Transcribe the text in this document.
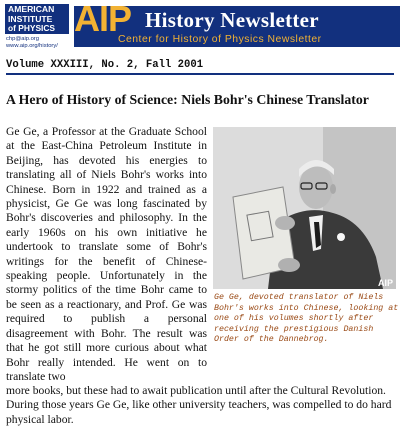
AMERICAN
INSTITUTE
of PHYSICS
chp@aip.org
www.aip.org/history/
AIP History Newsletter
Center for History of Physics Newsletter
Volume XXXIII, No. 2, Fall 2001
A Hero of History of Science: Niels Bohr's Chinese Translator
Ge Ge, a Professor at the Graduate School at the East-China Petroleum Institute in Beijing, has devoted his energies to translating all of Niels Bohr's works into Chinese. Born in 1922 and trained as a physicist, Ge Ge was long fascinated by Bohr's discoveries and philosophy. In the early 1960s on his own initiative he undertook to translate some of Bohr's writings for the benefit of Chinese-speaking people. Unfortunately in the stormy politics of the time Bohr came to be seen as a reactionary, and Prof. Ge was required to publish a personal disagreement with Bohr. The result was that he got still more curious about what Bohr really intended. He went on to translate two
AIP
Ge Ge, devoted translator of Niels Bohr's works into Chinese, looking at one of his volumes shortly after receiving the prestigious Danish Order of the Dannebrog.
more books, but these had to await publication until after the Cultural Revolution. During those years Ge Ge, like other university teachers, was compelled to do hard physical labor.
